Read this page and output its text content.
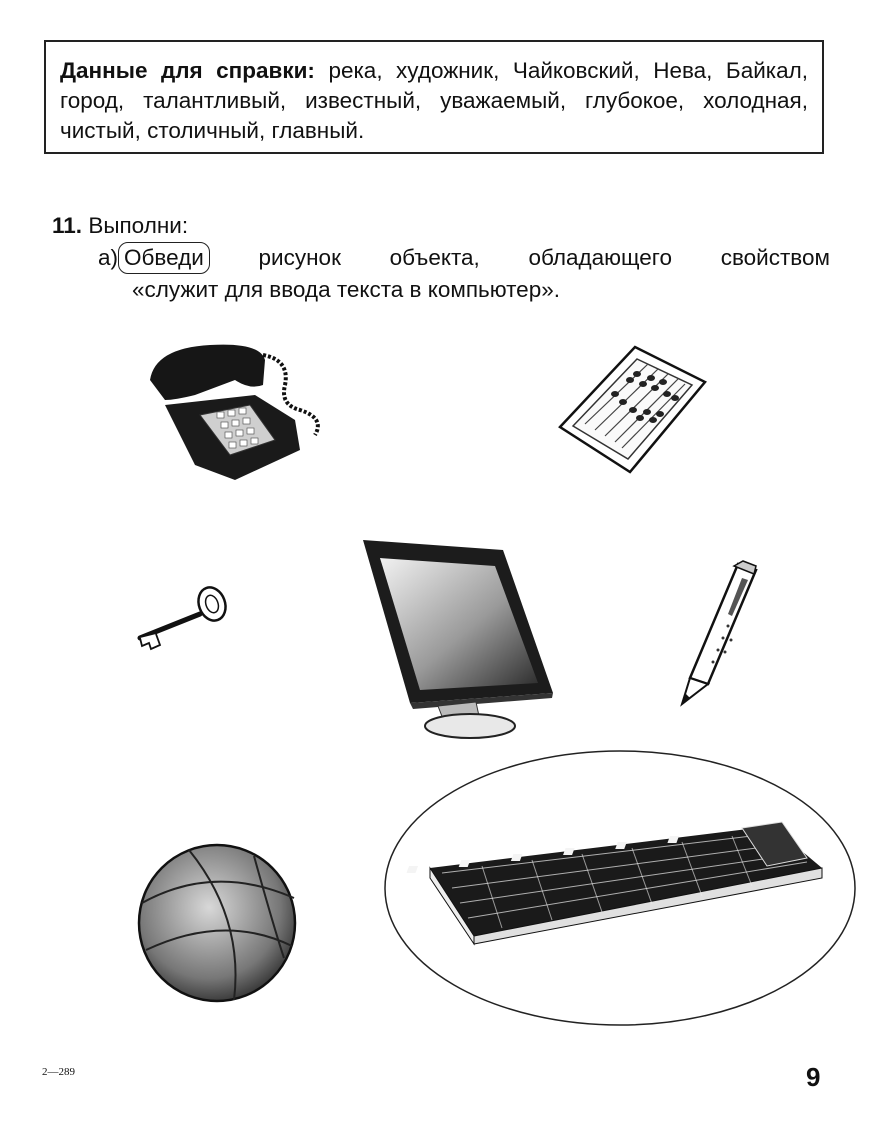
Данные для справки: река, художник, Чайковский, Нева, Байкал, город, талантливый, известный, уважаемый, глубокое, холодная, чистый, столичный, главный.
11. Выполни:
а) Обведи рисунок объекта, обладающего свойством
«служит для ввода текста в компьютер».
2—289	9
